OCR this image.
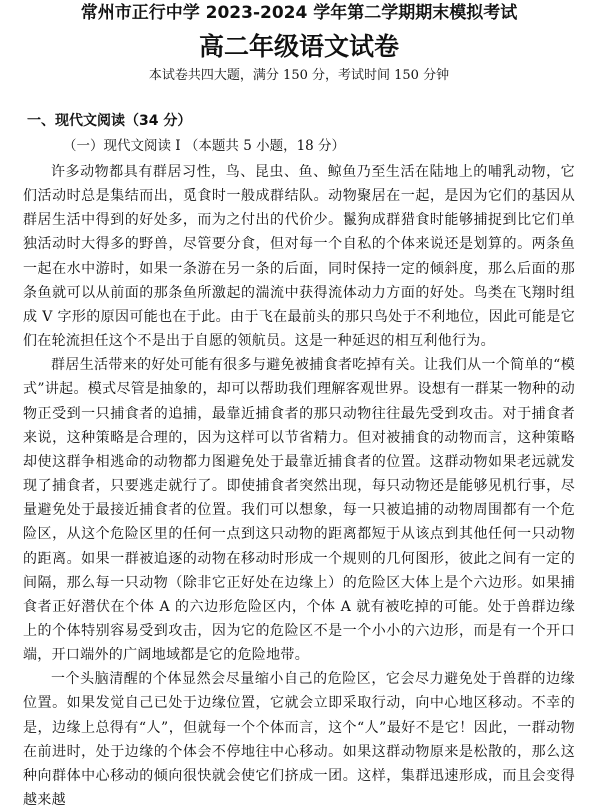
常州市正行中学 2023-2024 学年第二学期期末模拟考试
高二年级语文试卷

本试卷共四大题，满分 150 分，考试时间 150 分钟

一、现代文阅读（34 分）
（一）现代文阅读 I （本题共 5 小题，18 分）

许多动物都具有群居习性，鸟、昆虫、鱼、鲸鱼乃至生活在陆地上的哺乳动物，它们活动时总是集结而出，觅食时一般成群结队。动物聚居在一起，是因为它们的基因从群居生活中得到的好处多，而为之付出的代价少。鬣狗成群猎食时能够捕捉到比它们单独活动时大得多的野兽，尽管要分食，但对每一个自私的个体来说还是划算的。两条鱼一起在水中游时，如果一条游在另一条的后面，同时保持一定的倾斜度，那么后面的那条鱼就可以从前面的那条鱼所激起的湍流中获得流体动力方面的好处。鸟类在飞翔时组成 V 字形的原因可能也在于此。由于飞在最前头的那只鸟处于不利地位，因此可能是它们在轮流担任这个不是出于自愿的领航员。这是一种延迟的相互利他行为。

群居生活带来的好处可能有很多与避免被捕食者吃掉有关。让我们从一个简单的“模式”讲起。模式尽管是抽象的，却可以帮助我们理解客观世界。设想有一群某一物种的动物正受到一只捕食者的追捕，最靠近捕食者的那只动物往往最先受到攻击。对于捕食者来说，这种策略是合理的，因为这样可以节省精力。但对被捕食的动物而言，这种策略却使这群争相逃命的动物都力图避免处于最靠近捕食者的位置。这群动物如果老远就发现了捕食者，只要逃走就行了。即使捕食者突然出现，每只动物还是能够见机行事，尽量避免处于最接近捕食者的位置。我们可以想象，每一只被追捕的动物周围都有一个危险区，从这个危险区里的任何一点到这只动物的距离都短于从该点到其他任何一只动物的距离。如果一群被追逐的动物在移动时形成一个规则的几何图形，彼此之间有一定的间隔，那么每一只动物（除非它正好处在边缘上）的危险区大体上是个六边形。如果捕食者正好潜伏在个体 A 的六边形危险区内，个体 A 就有被吃掉的可能。处于兽群边缘上的个体特别容易受到攻击，因为它的危险区不是一个小小的六边形，而是有一个开口端，开口端外的广阔地域都是它的危险地带。

一个头脑清醒的个体显然会尽量缩小自己的危险区，它会尽力避免处于兽群的边缘位置。如果发觉自己已处于边缘位置，它就会立即采取行动，向中心地区移动。不幸的是，边缘上总得有“人”，但就每一个个体而言，这个“人”最好不是它！因此，一群动物在前进时，处于边缘的个体会不停地往中心移动。如果这群动物原来是松散的，那么这种向群体中心移动的倾向很快就会使它们挤成一团。这样，集群迅速形成，而且会变得越来越
